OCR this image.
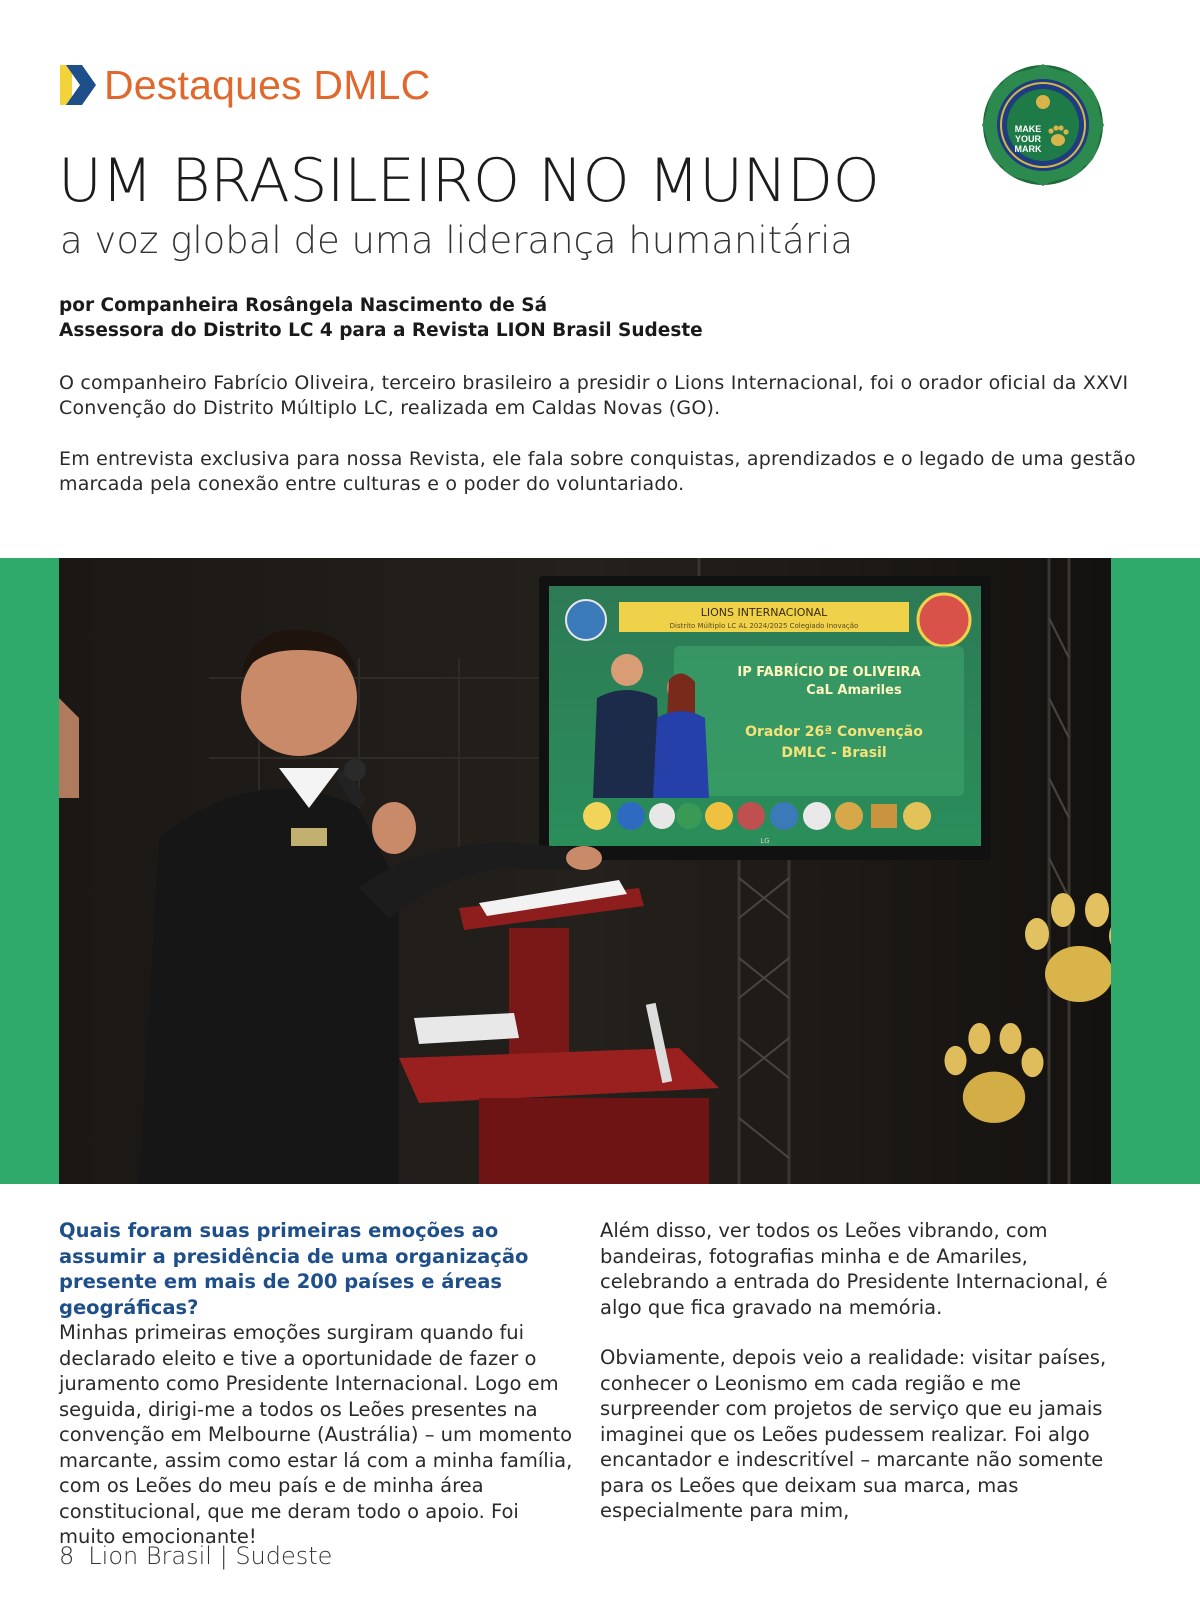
Destaques DMLC
MAKE
YOUR
MARK
UM BRASILEIRO NO MUNDO
a voz global de uma liderança humanitária
por Companheira Rosângela Nascimento de Sá
Assessora do Distrito LC 4 para a Revista LION Brasil Sudeste

O companheiro Fabrício Oliveira, terceiro brasileiro a presidir o Lions Internacional, foi o orador oficial da XXVI Convenção do Distrito Múltiplo LC, realizada em Caldas Novas (GO).

Em entrevista exclusiva para nossa Revista, ele fala sobre conquistas, aprendizados e o legado de uma gestão marcada pela conexão entre culturas e o poder do voluntariado.

LIONS INTERNACIONAL
Distrito Múltiplo LC AL 2024/2025 Colegiado Inovação
IP FABRÍCIO DE OLIVEIRA
CaL Amariles
Orador 26ª Convenção
DMLC - Brasil
LG
Quais foram suas primeiras emoções ao assumir a presidência de uma organização presente em mais de 200 países e áreas geográficas?
Minhas primeiras emoções surgiram quando fui declarado eleito e tive a oportunidade de fazer o juramento como Presidente Internacional. Logo em seguida, dirigi-me a todos os Leões presentes na convenção em Melbourne (Austrália) – um momento marcante, assim como estar lá com a minha família, com os Leões do meu país e de minha área constitucional, que me deram todo o apoio. Foi muito emocionante!
Além disso, ver todos os Leões vibrando, com bandeiras, fotografias minha e de Amariles, celebrando a entrada do Presidente Internacional, é algo que fica gravado na memória.
Obviamente, depois veio a realidade: visitar países, conhecer o Leonismo em cada região e me surpreender com projetos de serviço que eu jamais imaginei que os Leões pudessem realizar. Foi algo encantador e indescritível – marcante não somente para os Leões que deixam sua marca, mas especialmente para mim,
8 Lion Brasil | Sudeste
